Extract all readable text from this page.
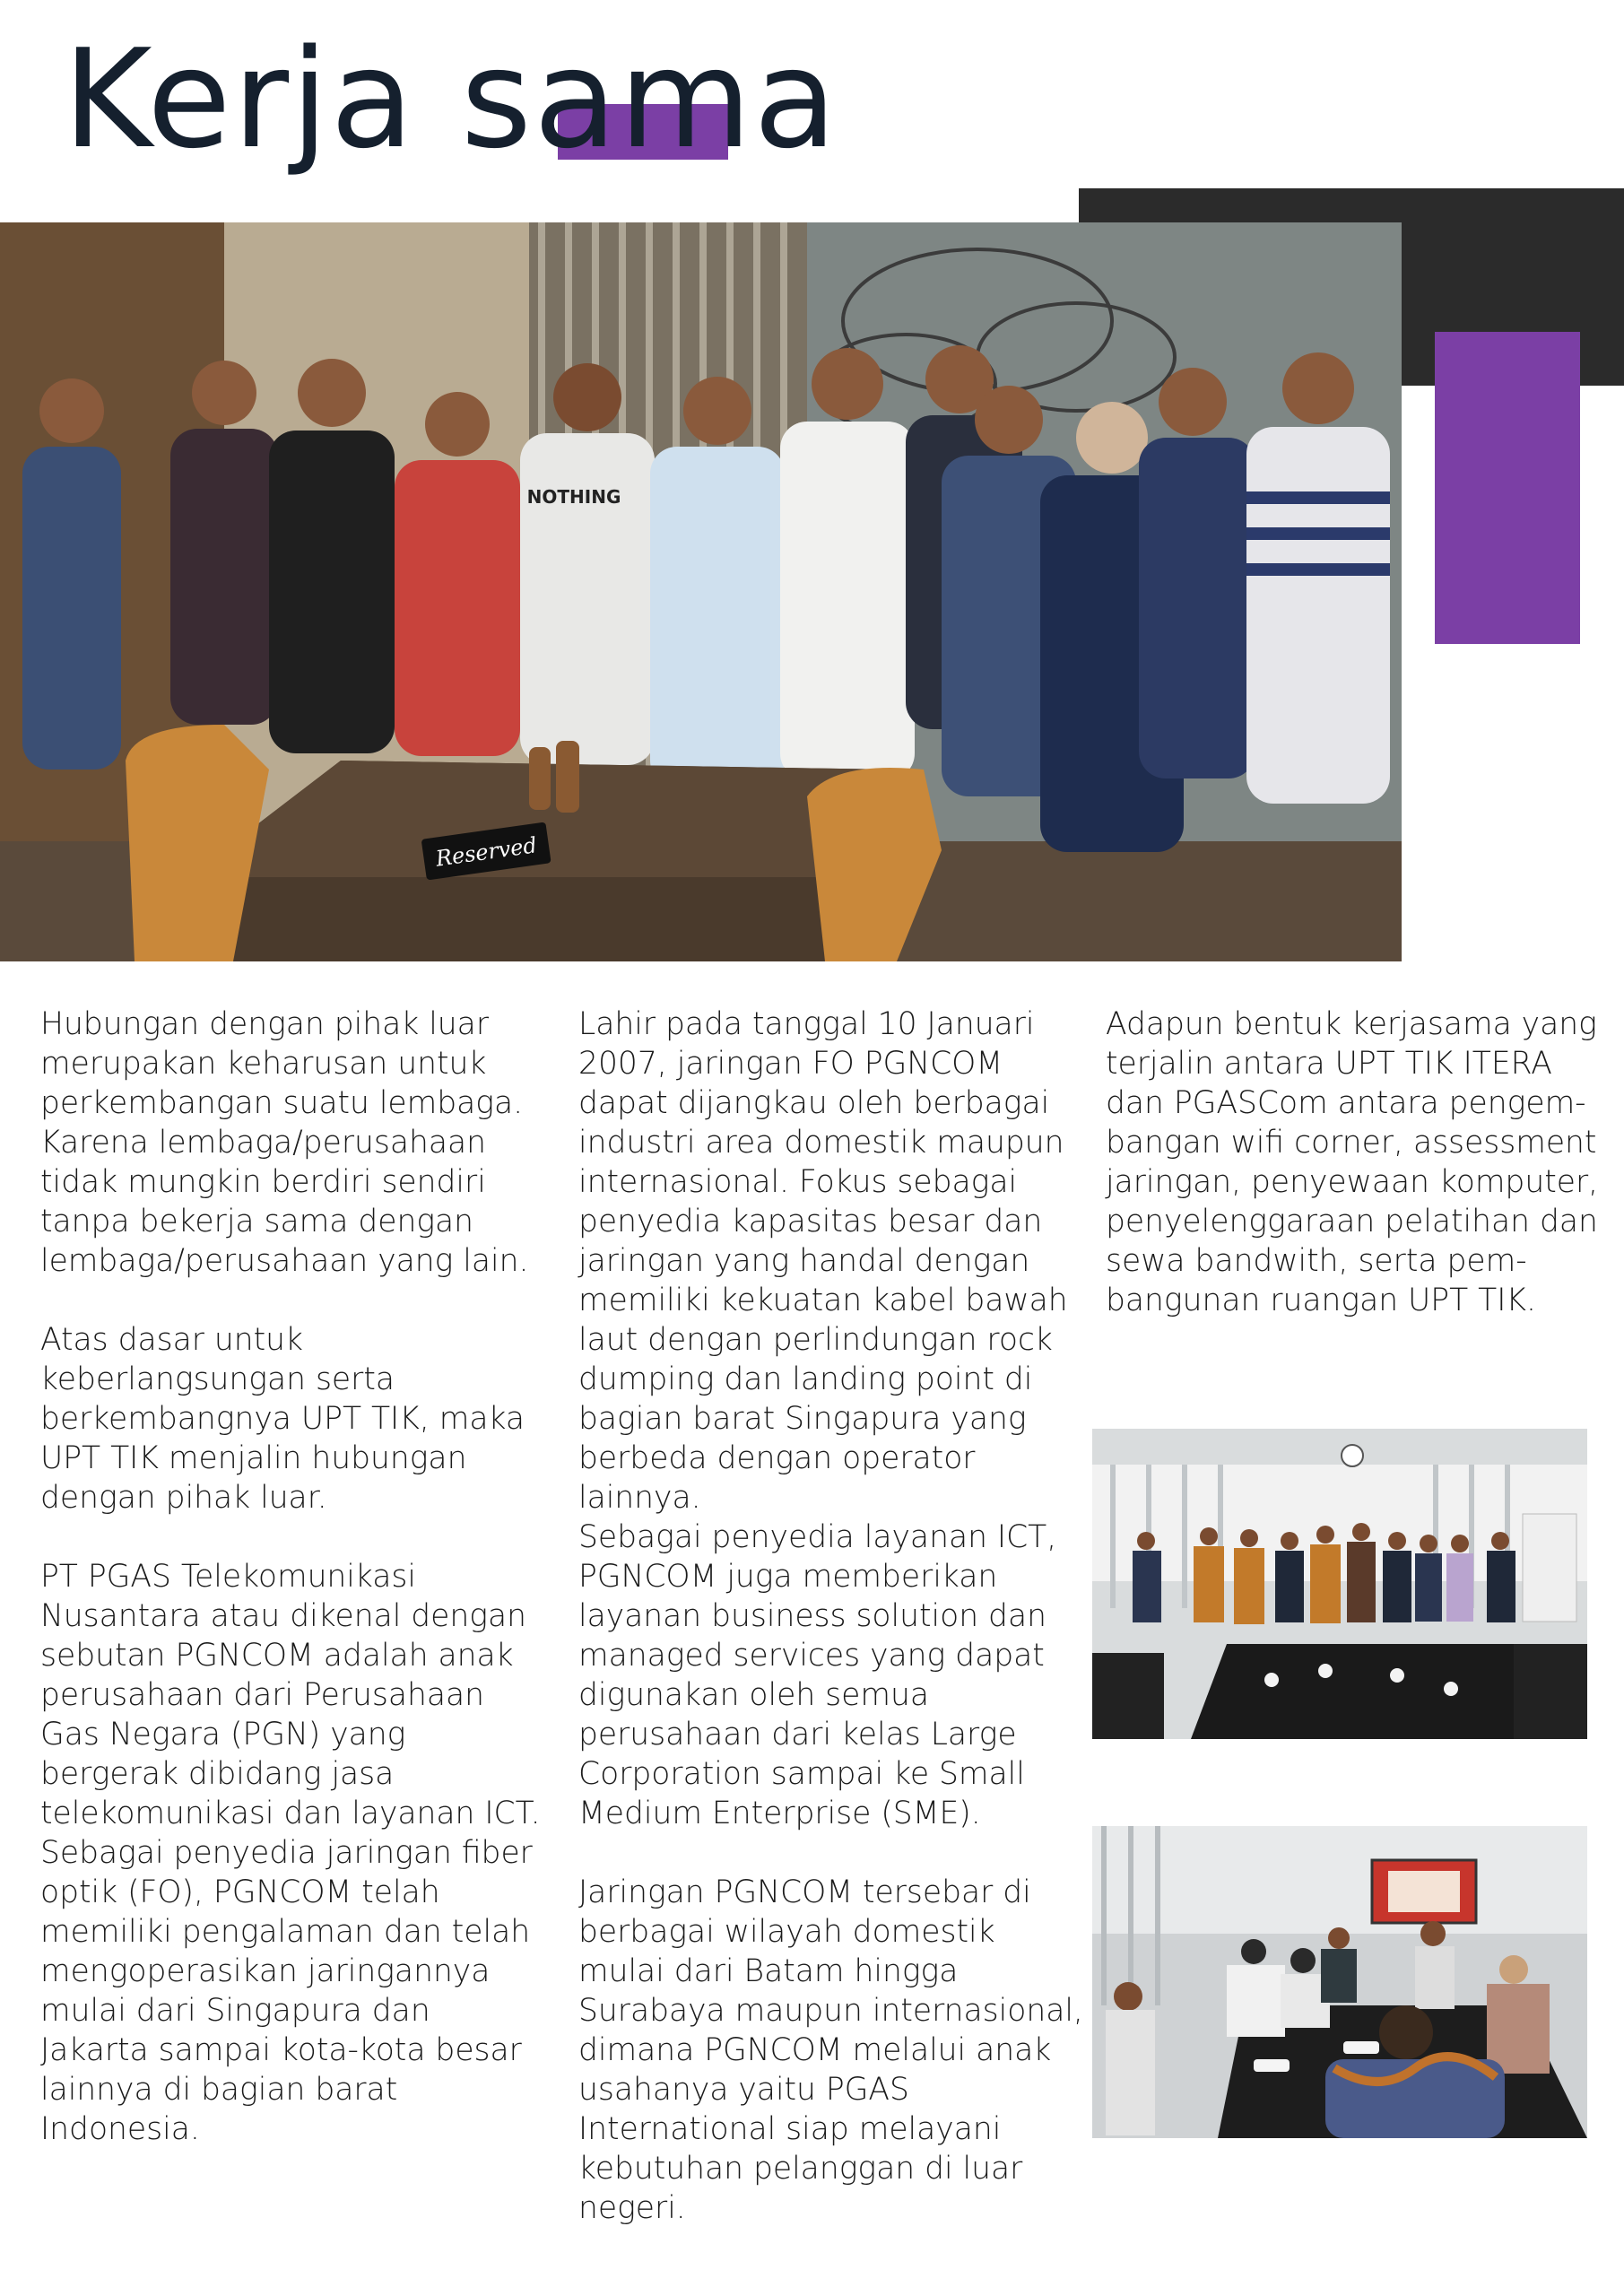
Kerja sama
Reserved
NOTHING

Hubungan dengan pihak luar merupakan keharusan untuk perkembangan suatu lembaga. Karena lembaga/perusahaan tidak mungkin berdiri sendiri tanpa bekerja sama dengan lembaga/perusahaan yang lain.

Atas dasar untuk keberlangsungan serta berkembangnya UPT TIK, maka UPT TIK menjalin hubungan dengan pihak luar.

PT PGAS Telekomunikasi Nusantara atau dikenal dengan sebutan PGNCOM adalah anak perusahaan dari Perusahaan Gas Negara (PGN) yang bergerak dibidang jasa telekomunikasi dan layanan ICT. Sebagai penyedia jaringan fiber optik (FO), PGNCOM telah memiliki pengalaman dan telah mengoperasikan jaringannya mulai dari Singapura dan Jakarta sampai kota-kota besar lainnya di bagian barat Indonesia.

Lahir pada tanggal 10 Januari 2007, jaringan FO PGNCOM dapat dijangkau oleh berbagai industri area domestik maupun internasional. Fokus sebagai penyedia kapasitas besar dan jaringan yang handal dengan memiliki kekuatan kabel bawah laut dengan perlindungan rock dumping dan landing point di bagian barat Singapura yang berbeda dengan operator lainnya.

Sebagai penyedia layanan ICT, PGNCOM juga memberikan layanan business solution dan managed services yang dapat digunakan oleh semua perusahaan dari kelas Large Corporation sampai ke Small Medium Enterprise (SME).

Jaringan PGNCOM tersebar di berbagai wilayah domestik mulai dari Batam hingga Surabaya maupun internasional, dimana PGNCOM melalui anak usahanya yaitu PGAS International siap melayani kebutuhan pelanggan di luar negeri.

Adapun bentuk kerjasama yang terjalin antara UPT TIK ITERA dan PGASCom antara pengem-bangan wifi corner, assessment jaringan, penyewaan komputer, penyelenggaraan pelatihan dan sewa bandwith, serta pem-bangunan ruangan UPT TIK.
